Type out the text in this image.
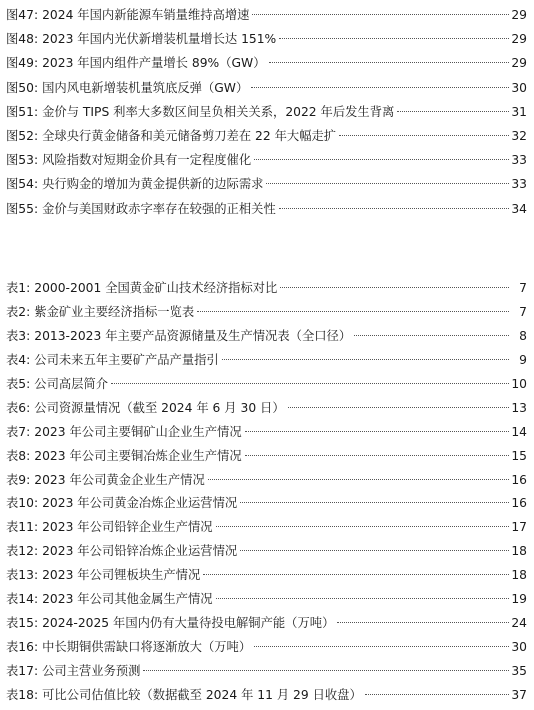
图47: 2024 年国内新能源车销量维持高增速	29
图48: 2023 年国内光伏新增装机量增长达 151%	29
图49: 2023 年国内组件产量增长 89%（GW）	29
图50: 国内风电新增装机量筑底反弹（GW）	30
图51: 金价与 TIPS 利率大多数区间呈负相关关系，2022 年后发生背离	31
图52: 全球央行黄金储备和美元储备剪刀差在 22 年大幅走扩	32
图53: 风险指数对短期金价具有一定程度催化	33
图54: 央行购金的增加为黄金提供新的边际需求	33
图55: 金价与美国财政赤字率存在较强的正相关性	34
表1: 2000-2001 全国黄金矿山技术经济指标对比	7
表2: 紫金矿业主要经济指标一览表	7
表3: 2013-2023 年主要产品资源储量及生产情况表（全口径）	8
表4: 公司未来五年主要矿产品产量指引	9
表5: 公司高层简介	10
表6: 公司资源量情况（截至 2024 年 6 月 30 日）	13
表7: 2023 年公司主要铜矿山企业生产情况	14
表8: 2023 年公司主要铜冶炼企业生产情况	15
表9: 2023 年公司黄金企业生产情况	16
表10: 2023 年公司黄金冶炼企业运营情况	16
表11: 2023 年公司铅锌企业生产情况	17
表12: 2023 年公司铅锌冶炼企业运营情况	18
表13: 2023 年公司锂板块生产情况	18
表14: 2023 年公司其他金属生产情况	19
表15: 2024-2025 年国内仍有大量待投电解铜产能（万吨）	24
表16: 中长期铜供需缺口将逐渐放大（万吨）	30
表17: 公司主营业务预测	35
表18: 可比公司估值比较（数据截至 2024 年 11 月 29 日收盘）	37
